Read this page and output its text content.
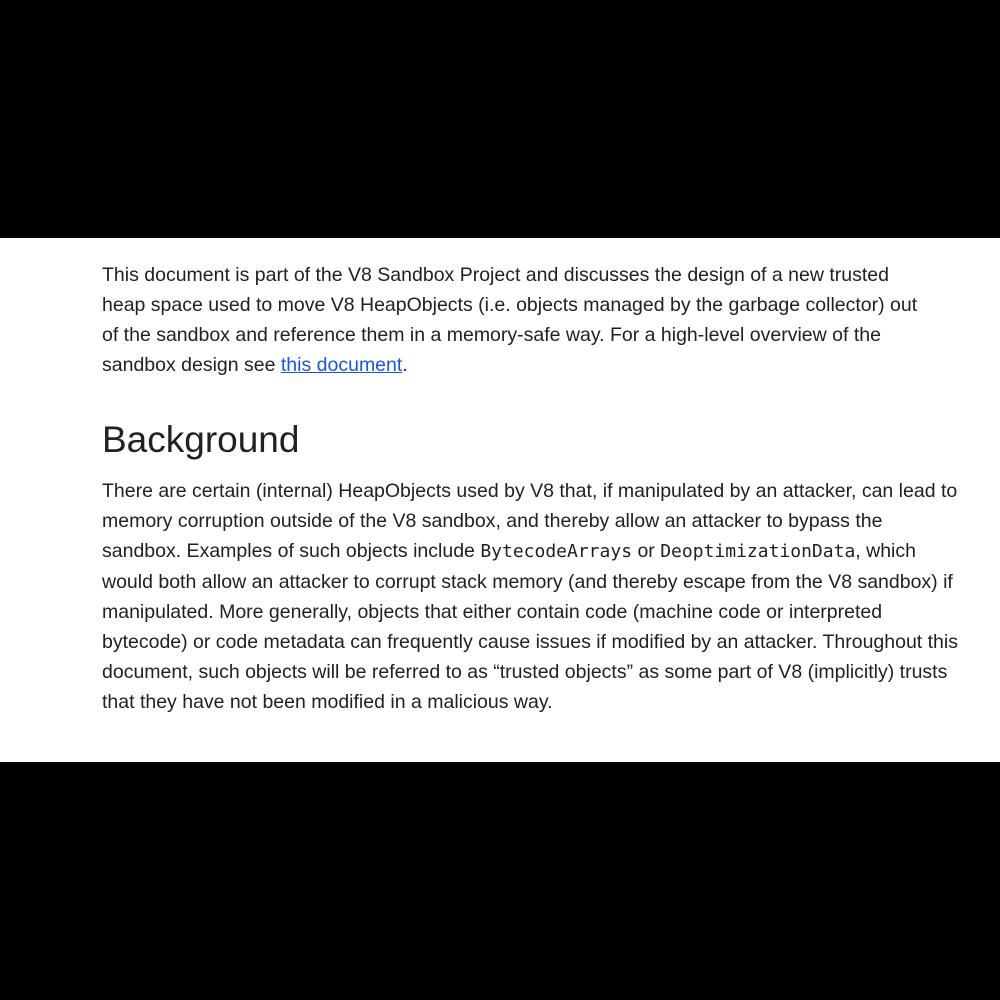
This document is part of the V8 Sandbox Project and discusses the design of a new trusted heap space used to move V8 HeapObjects (i.e. objects managed by the garbage collector) out of the sandbox and reference them in a memory-safe way. For a high-level overview of the sandbox design see this document.

Background

There are certain (internal) HeapObjects used by V8 that, if manipulated by an attacker, can lead to memory corruption outside of the V8 sandbox, and thereby allow an attacker to bypass the sandbox. Examples of such objects include BytecodeArrays or DeoptimizationData, which would both allow an attacker to corrupt stack memory (and thereby escape from the V8 sandbox) if manipulated. More generally, objects that either contain code (machine code or interpreted bytecode) or code metadata can frequently cause issues if modified by an attacker. Throughout this document, such objects will be referred to as “trusted objects” as some part of V8 (implicitly) trusts that they have not been modified in a malicious way.
